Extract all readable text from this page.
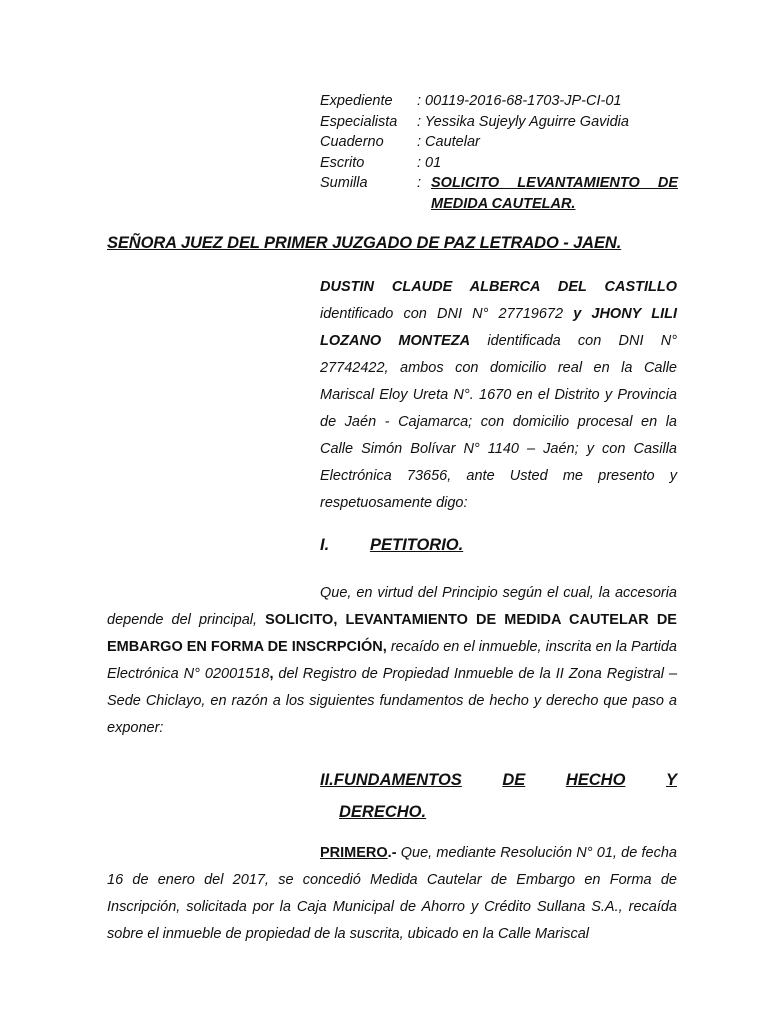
Expediente	: 00119-2016-68-1703-JP-CI-01
Especialista	: Yessika Sujeyly Aguirre Gavidia
Cuaderno	: Cautelar
Escrito	: 01
Sumilla	: SOLICITO LEVANTAMIENTO DE
MEDIDA CAUTELAR.
SEÑORA JUEZ DEL PRIMER JUZGADO DE PAZ LETRADO - JAEN.
DUSTIN CLAUDE ALBERCA DEL CASTILLO identificado con DNI N° 27719672 y JHONY LILI LOZANO MONTEZA identificada con DNI N° 27742422, ambos con domicilio real en la Calle Mariscal Eloy Ureta N°. 1670 en el Distrito y Provincia de Jaén - Cajamarca; con domicilio procesal en la Calle Simón Bolívar N° 1140 – Jaén; y con Casilla Electrónica 73656, ante Usted me presento y respetuosamente digo:
I. PETITORIO.
Que, en virtud del Principio según el cual, la accesoria depende del principal, SOLICITO, LEVANTAMIENTO DE MEDIDA CAUTELAR DE EMBARGO EN FORMA DE INSCRPCIÓN, recaído en el inmueble, inscrita en la Partida Electrónica N° 02001518, del Registro de Propiedad Inmueble de la II Zona Registral – Sede Chiclayo, en razón a los siguientes fundamentos de hecho y derecho que paso a exponer:
II.FUNDAMENTOS DE HECHO Y
DERECHO.
PRIMERO.- Que, mediante Resolución N° 01, de fecha 16 de enero del 2017, se concedió Medida Cautelar de Embargo en Forma de Inscripción, solicitada por la Caja Municipal de Ahorro y Crédito Sullana S.A., recaída sobre el inmueble de propiedad de la suscrita, ubicado en la Calle Mariscal
